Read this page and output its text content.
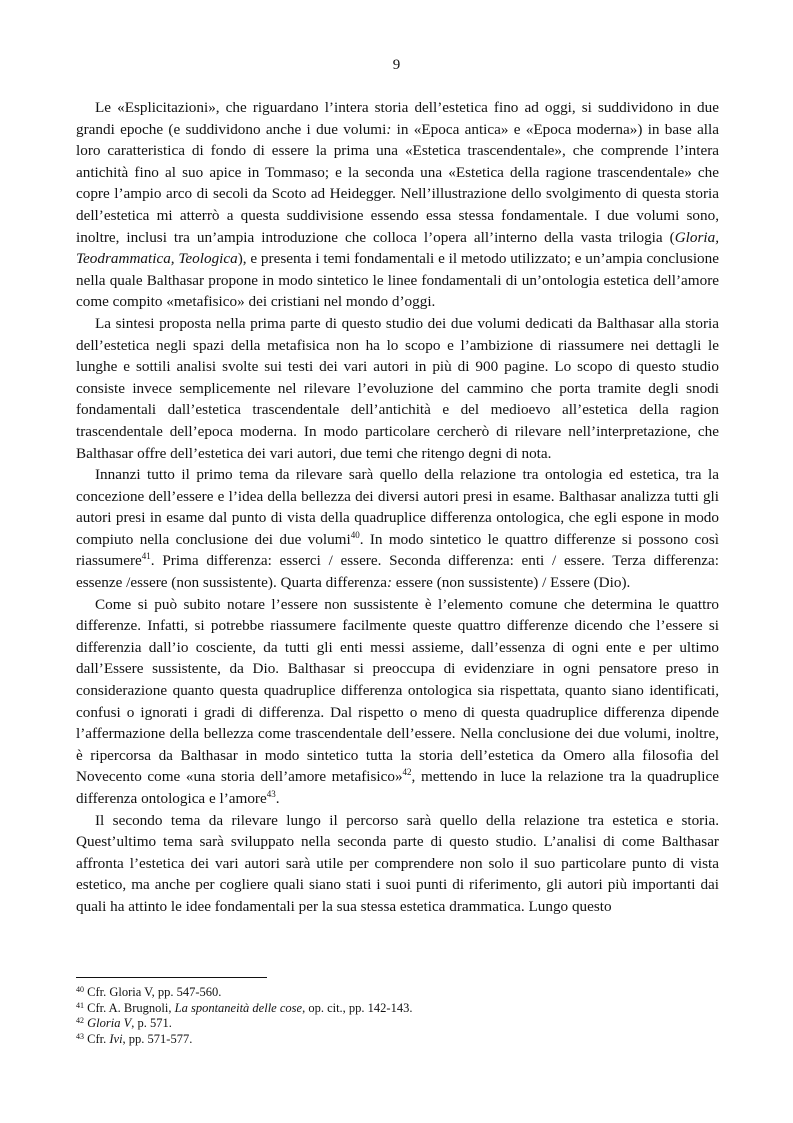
9

Le «Esplicitazioni», che riguardano l’intera storia dell’estetica fino ad oggi, si suddividono in due grandi epoche (e suddividono anche i due volumi: in «Epoca antica» e «Epoca moderna») in base alla loro caratteristica di fondo di essere la prima una «Estetica trascendentale», che comprende l’intera antichità fino al suo apice in Tommaso; e la seconda una «Estetica della ragione trascendentale» che copre l’ampio arco di secoli da Scoto ad Heidegger. Nell’illustrazione dello svolgimento di questa storia dell’estetica mi atterrò a questa suddivisione essendo essa stessa fondamentale. I due volumi sono, inoltre, inclusi tra un’ampia introduzione che colloca l’opera all’interno della vasta trilogia (Gloria, Teodrammatica, Teologica), e presenta i temi fondamentali e il metodo utilizzato; e un’ampia conclusione nella quale Balthasar propone in modo sintetico le linee fondamentali di un’ontologia estetica dell’amore come compito «metafisico» dei cristiani nel mondo d’oggi.

La sintesi proposta nella prima parte di questo studio dei due volumi dedicati da Balthasar alla storia dell’estetica negli spazi della metafisica non ha lo scopo e l’ambizione di riassumere nei dettagli le lunghe e sottili analisi svolte sui testi dei vari autori in più di 900 pagine. Lo scopo di questo studio consiste invece semplicemente nel rilevare l’evoluzione del cammino che porta tramite degli snodi fondamentali dall’estetica trascendentale dell’antichità e del medioevo all’estetica della ragion trascendentale dell’epoca moderna. In modo particolare cercherò di rilevare nell’interpretazione, che Balthasar offre dell’estetica dei vari autori, due temi che ritengo degni di nota.

Innanzi tutto il primo tema da rilevare sarà quello della relazione tra ontologia ed estetica, tra la concezione dell’essere e l’idea della bellezza dei diversi autori presi in esame. Balthasar analizza tutti gli autori presi in esame dal punto di vista della quadruplice differenza ontologica, che egli espone in modo compiuto nella conclusione dei due volumi$^{40}$. In modo sintetico le quattro differenze si possono così riassumere$^{41}$. Prima differenza: esserci / essere. Seconda differenza: enti / essere. Terza differenza: essenze /essere (non sussistente). Quarta differenza: essere (non sussistente) / Essere (Dio).

Come si può subito notare l’essere non sussistente è l’elemento comune che determina le quattro differenze. Infatti, si potrebbe riassumere facilmente queste quattro differenze dicendo che l’essere si differenzia dall’io cosciente, da tutti gli enti messi assieme, dall’essenza di ogni ente e per ultimo dall’Essere sussistente, da Dio. Balthasar si preoccupa di evidenziare in ogni pensatore preso in considerazione quanto questa quadruplice differenza ontologica sia rispettata, quanto siano identificati, confusi o ignorati i gradi di differenza. Dal rispetto o meno di questa quadruplice differenza dipende l’affermazione della bellezza come trascendentale dell’essere. Nella conclusione dei due volumi, inoltre, è ripercorsa da Balthasar in modo sintetico tutta la storia dell’estetica da Omero alla filosofia del Novecento come «una storia dell’amore metafisico»$^{42}$, mettendo in luce la relazione tra la quadruplice differenza ontologica e l’amore$^{43}$.

Il secondo tema da rilevare lungo il percorso sarà quello della relazione tra estetica e storia. Quest’ultimo tema sarà sviluppato nella seconda parte di questo studio. L’analisi di come Balthasar affronta l’estetica dei vari autori sarà utile per comprendere non solo il suo particolare punto di vista estetico, ma anche per cogliere quali siano stati i suoi punti di riferimento, gli autori più importanti dai quali ha attinto le idee fondamentali per la sua stessa estetica drammatica. Lungo questo

$^{40}$ Cfr. Gloria V, pp. 547-560.

$^{41}$ Cfr. A. Brugnoli, La spontaneità delle cose, op. cit., pp. 142-143.

$^{42}$ Gloria V, p. 571.

$^{43}$ Cfr. Ivi, pp. 571-577.
